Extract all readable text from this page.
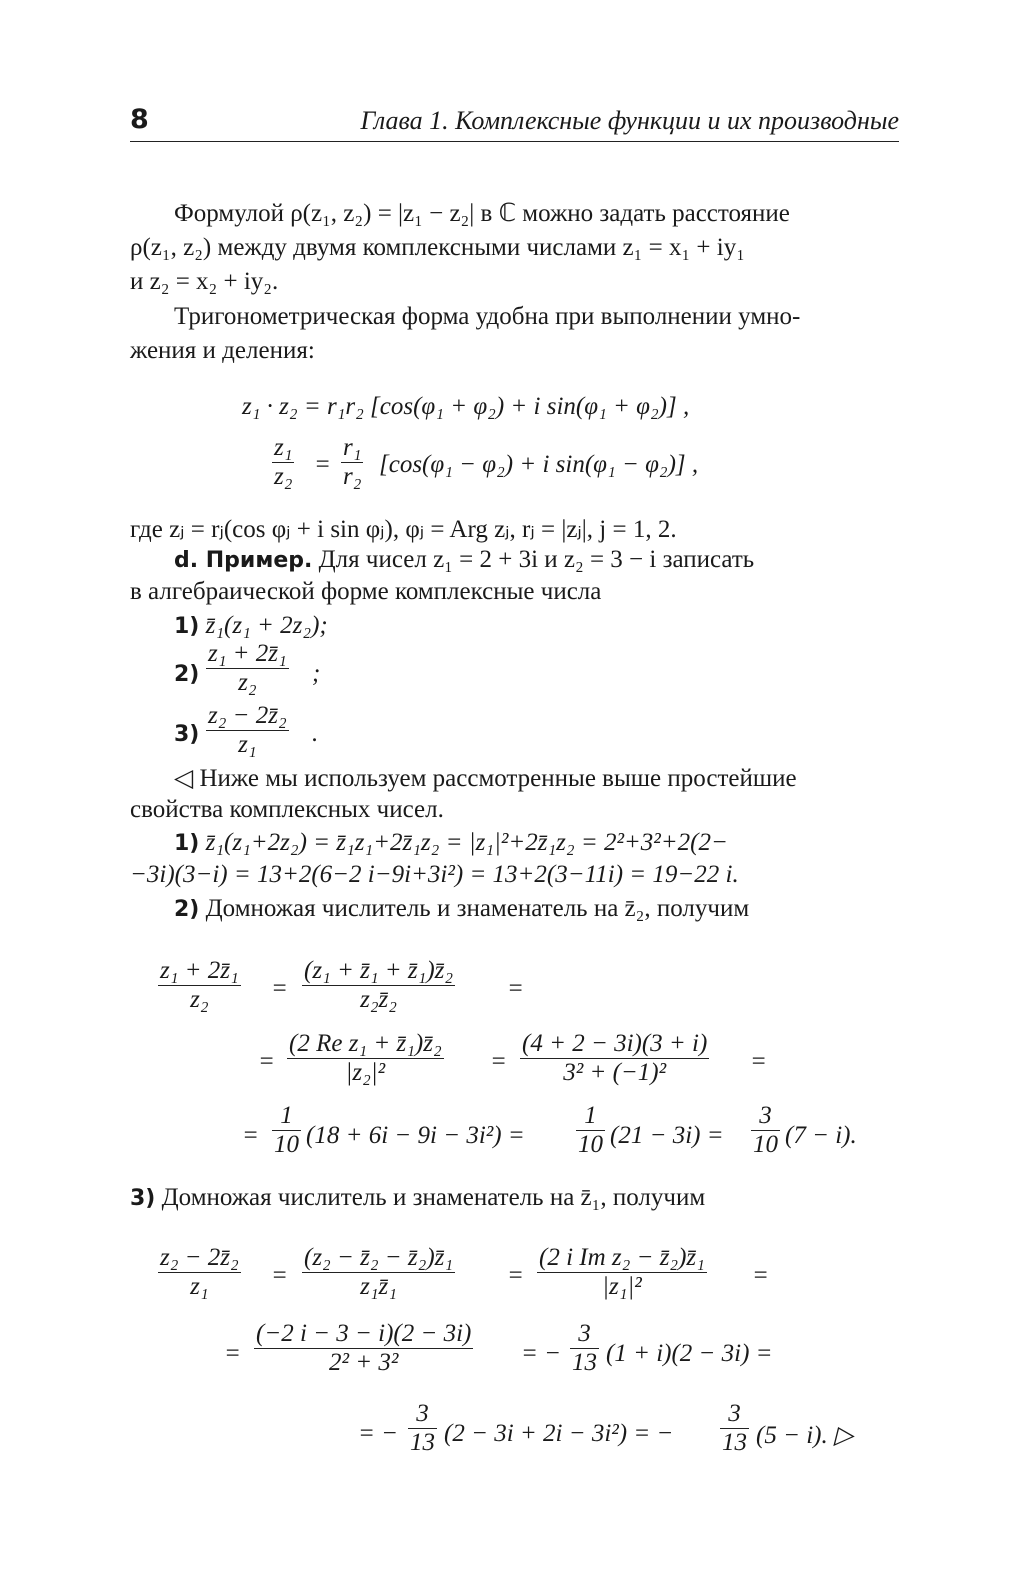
8	Глава 1. Комплексные функции и их производные
Формулой ρ(z₁, z₂) = |z₁ − z₂| в ℂ можно задать расстояние
ρ(z₁, z₂) между двумя комплексными числами z₁ = x₁ + iy₁
и z₂ = x₂ + iy₂.
Тригонометрическая форма удобна при выполнении умно-
жения и деления:
z₁ · z₂ = r₁r₂ [cos(φ₁ + φ₂) + i sin(φ₁ + φ₂)] ,
z₁
z₂ =
r₁
r₂ [cos(φ₁ − φ₂) + i sin(φ₁ − φ₂)] ,
где zⱼ = rⱼ(cos φⱼ + i sin φⱼ), φⱼ = Arg zⱼ, rⱼ = |zⱼ|, j = 1, 2.
d. Пример. Для чисел z₁ = 2 + 3i и z₂ = 3 − i записать
в алгебраической форме комплексные числа
1) z̄₁(z₁ + 2z₂);
2)
z₁ + 2z̄₁
z₂	;
3)
z₂ − 2z̄₂
z₁	.
◁ Ниже мы используем рассмотренные выше простейшие
свойства комплексных чисел.
1) z̄₁(z₁+2z₂) = z̄₁z₁+2z̄₁z₂ = |z₁|²+2z̄₁z₂ = 2²+3²+2(2−
−3i)(3−i) = 13+2(6−2 i−9i+3i²) = 13+2(3−11i) = 19−22 i.
2) Домножая числитель и знаменатель на z̄₂, получим
z₁ + 2z̄₁
z₂	=
(z₁ + z̄₁ + z̄₁)z̄₂
z₂z̄₂	=
=
(2 Re z₁ + z̄₁)z̄₂
|z₂|²	=
(4 + 2 − 3i)(3 + i)
3² + (−1)²	=
=
1
10 (18 + 6i − 9i − 3i²) =
1
10 (21 − 3i) =
3
10 (7 − i).
3) Домножая числитель и знаменатель на z̄₁, получим
z₂ − 2z̄₂
z₁	=
(z₂ − z̄₂ − z̄₂)z̄₁
z₁z̄₁	=
(2 i Im z₂ − z̄₂)z̄₁
|z₁|²	=
=
(−2 i − 3 − i)(2 − 3i)
2² + 3²	= −
3
13 (1 + i)(2 − 3i) =
= −
3
13 (2 − 3i + 2i − 3i²) = −
3
13 (5 − i). ▷
